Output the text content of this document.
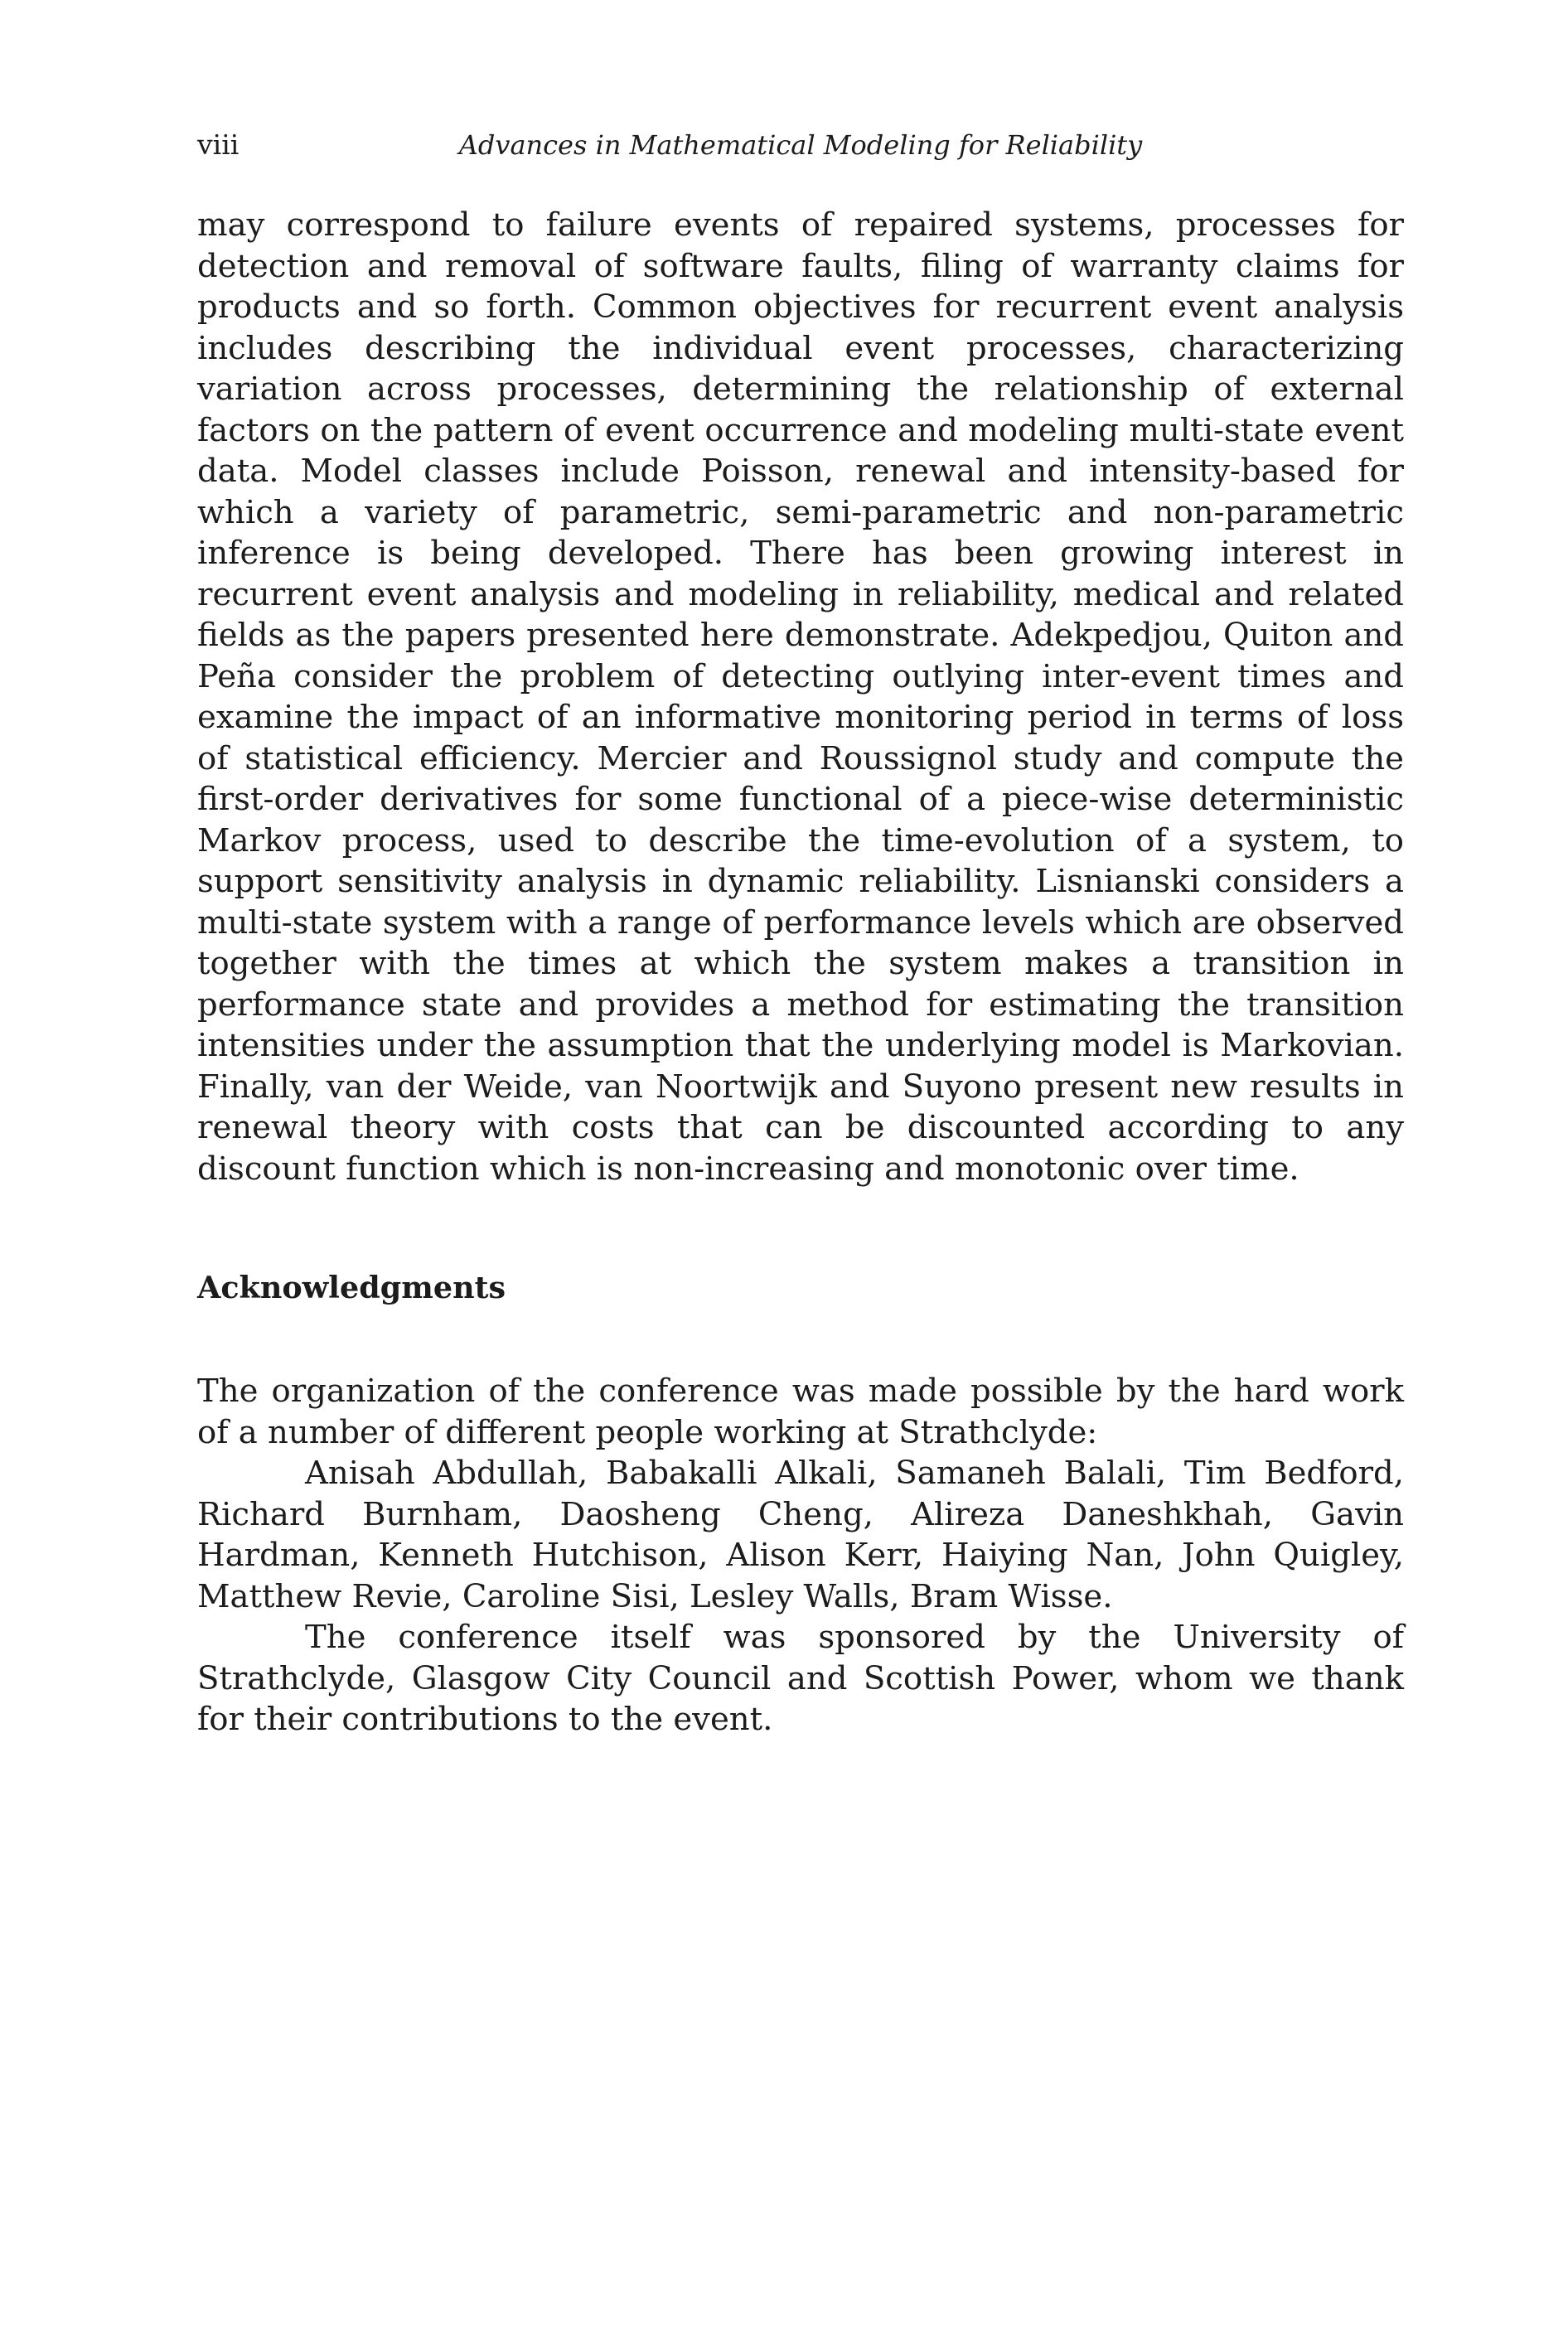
viii	Advances in Mathematical Modeling for Reliability

may correspond to failure events of repaired systems, processes for detection and removal of software faults, filing of warranty claims for products and so forth. Common objectives for recurrent event analysis includes describing the individual event processes, characterizing variation across processes, determining the relationship of external factors on the pattern of event occurrence and modeling multi-state event data. Model classes include Poisson, renewal and intensity-based for which a variety of parametric, semi-parametric and non-parametric inference is being developed. There has been growing interest in recurrent event analysis and modeling in reliability, medical and related fields as the papers presented here demonstrate. Adekpedjou, Quiton and Peña consider the problem of detecting outlying inter-event times and examine the impact of an informative monitoring period in terms of loss of statistical efficiency. Mercier and Roussignol study and compute the first-order derivatives for some functional of a piece-wise deterministic Markov process, used to describe the time-evolution of a system, to support sensitivity analysis in dynamic reliability. Lisnianski considers a multi-state system with a range of performance levels which are observed together with the times at which the system makes a transition in performance state and provides a method for estimating the transition intensities under the assumption that the underlying model is Markovian. Finally, van der Weide, van Noortwijk and Suyono present new results in renewal theory with costs that can be discounted according to any discount function which is non-increasing and monotonic over time.

Acknowledgments

The organization of the conference was made possible by the hard work of a number of different people working at Strathclyde:

Anisah Abdullah, Babakalli Alkali, Samaneh Balali, Tim Bedford, Richard Burnham, Daosheng Cheng, Alireza Daneshkhah, Gavin Hardman, Kenneth Hutchison, Alison Kerr, Haiying Nan, John Quigley, Matthew Revie, Caroline Sisi, Lesley Walls, Bram Wisse.

The conference itself was sponsored by the University of Strathclyde, Glasgow City Council and Scottish Power, whom we thank for their contributions to the event.
